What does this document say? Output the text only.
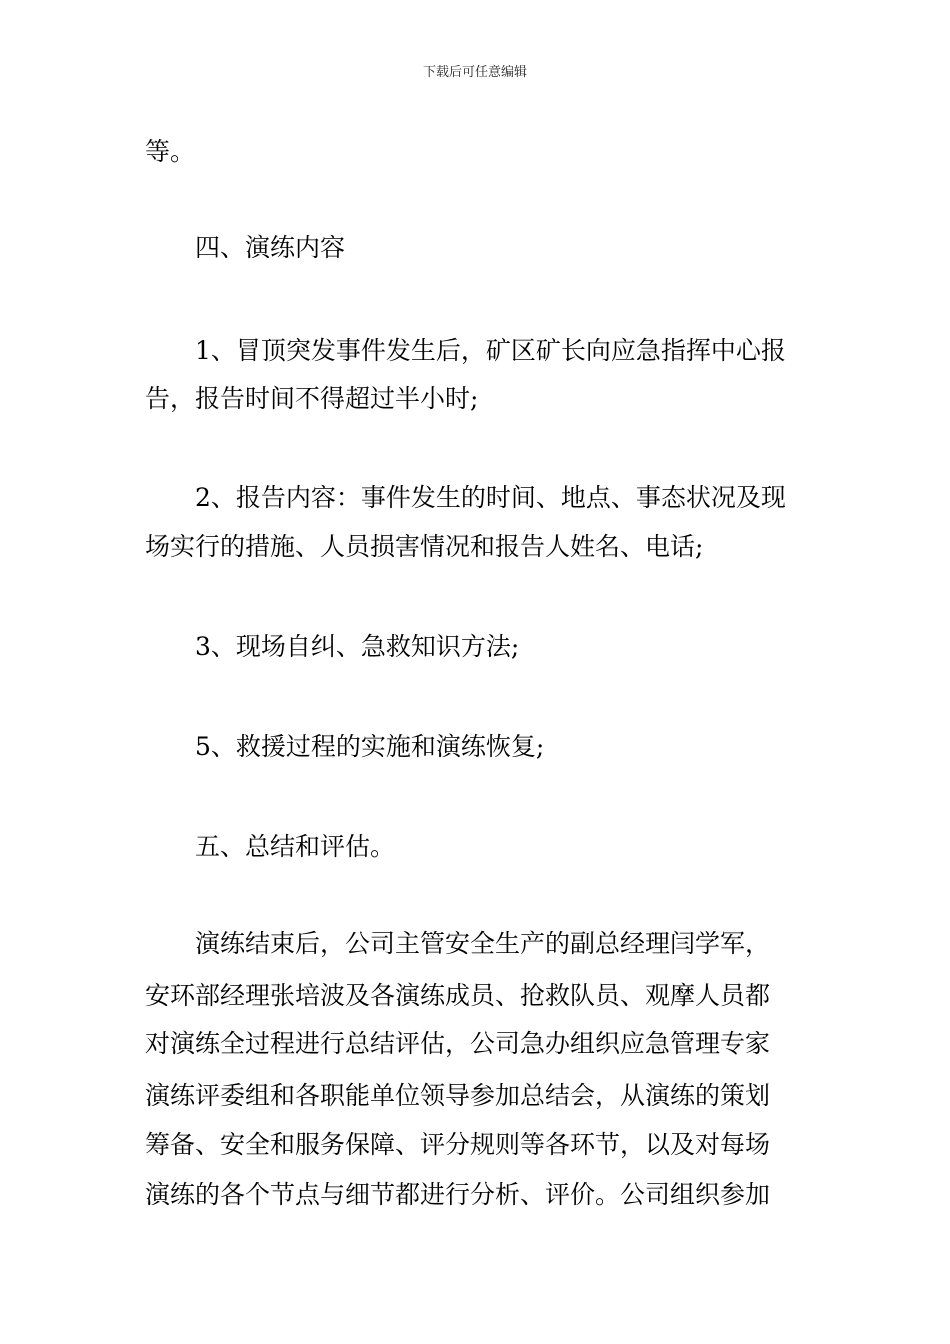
下载后可任意编辑
等。
四、演练内容
1、冒顶突发事件发生后，矿区矿长向应急指挥中心报
告，报告时间不得超过半小时;
2、报告内容：事件发生的时间、地点、事态状况及现
场实行的措施、人员损害情况和报告人姓名、电话;
3、现场自纠、急救知识方法;
5、救援过程的实施和演练恢复;
五、总结和评估。
演练结束后，公司主管安全生产的副总经理闫学军，
安环部经理张培波及各演练成员、抢救队员、观摩人员都
对演练全过程进行总结评估，公司急办组织应急管理专家
演练评委组和各职能单位领导参加总结会，从演练的策划
筹备、安全和服务保障、评分规则等各环节，以及对每场
演练的各个节点与细节都进行分析、评价。公司组织参加
